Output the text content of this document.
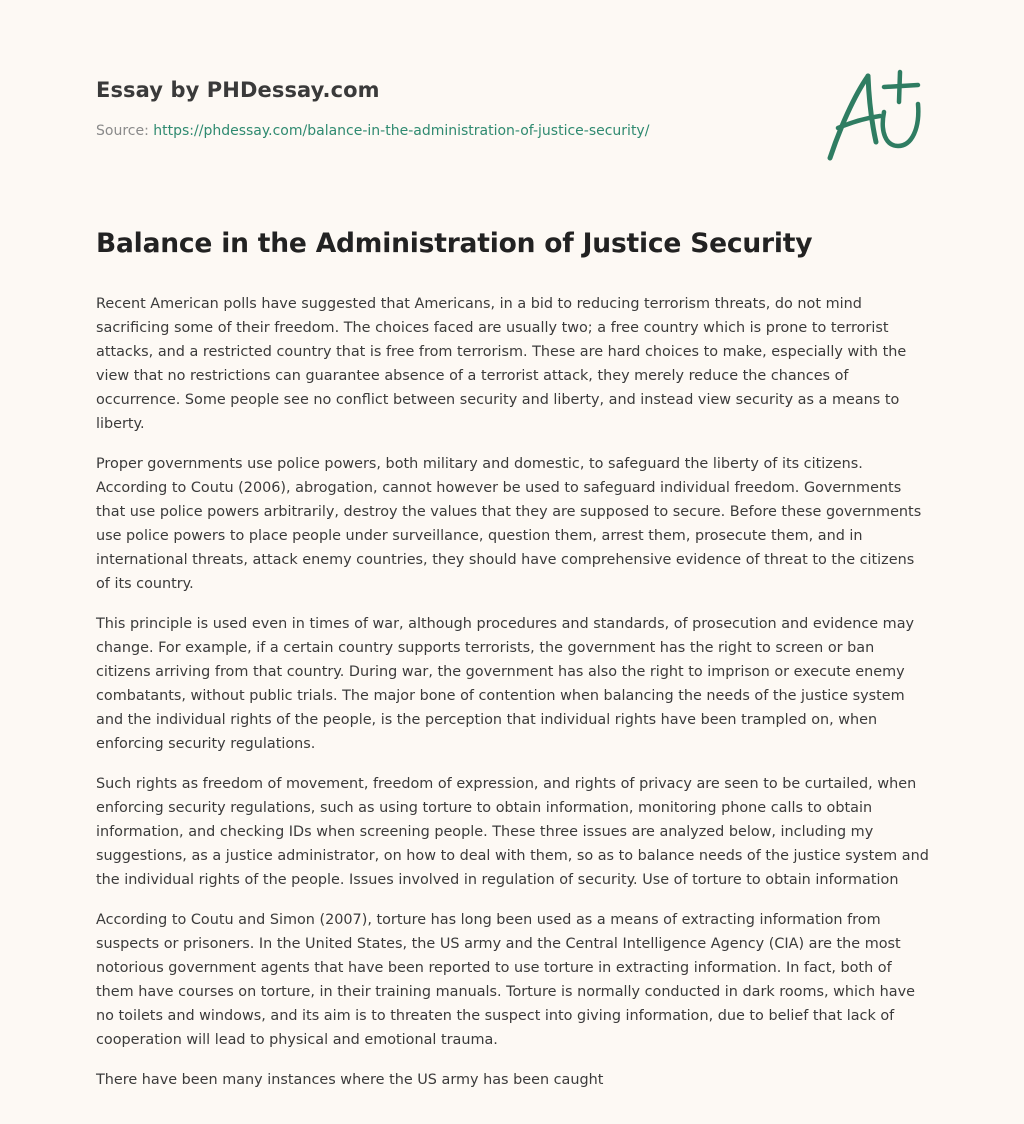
Essay by PHDessay.com
Source: https://phdessay.com/balance-in-the-administration-of-justice-security/
Balance in the Administration of Justice Security

Recent American polls have suggested that Americans, in a bid to reducing terrorism threats, do not mind sacrificing some of their freedom. The choices faced are usually two; a free country which is prone to terrorist attacks, and a restricted country that is free from terrorism. These are hard choices to make, especially with the view that no restrictions can guarantee absence of a terrorist attack, they merely reduce the chances of occurrence. Some people see no conflict between security and liberty, and instead view security as a means to liberty.

Proper governments use police powers, both military and domestic, to safeguard the liberty of its citizens. According to Coutu (2006), abrogation, cannot however be used to safeguard individual freedom. Governments that use police powers arbitrarily, destroy the values that they are supposed to secure. Before these governments use police powers to place people under surveillance, question them, arrest them, prosecute them, and in international threats, attack enemy countries, they should have comprehensive evidence of threat to the citizens of its country.

This principle is used even in times of war, although procedures and standards, of prosecution and evidence may change. For example, if a certain country supports terrorists, the government has the right to screen or ban citizens arriving from that country. During war, the government has also the right to imprison or execute enemy combatants, without public trials. The major bone of contention when balancing the needs of the justice system and the individual rights of the people, is the perception that individual rights have been trampled on, when enforcing security regulations.

Such rights as freedom of movement, freedom of expression, and rights of privacy are seen to be curtailed, when enforcing security regulations, such as using torture to obtain information, monitoring phone calls to obtain information, and checking IDs when screening people. These three issues are analyzed below, including my suggestions, as a justice administrator, on how to deal with them, so as to balance needs of the justice system and the individual rights of the people. Issues involved in regulation of security. Use of torture to obtain information

According to Coutu and Simon (2007), torture has long been used as a means of extracting information from suspects or prisoners. In the United States, the US army and the Central Intelligence Agency (CIA) are the most notorious government agents that have been reported to use torture in extracting information. In fact, both of them have courses on torture, in their training manuals. Torture is normally conducted in dark rooms, which have no toilets and windows, and its aim is to threaten the suspect into giving information, due to belief that lack of cooperation will lead to physical and emotional trauma.

There have been many instances where the US army has been caught
